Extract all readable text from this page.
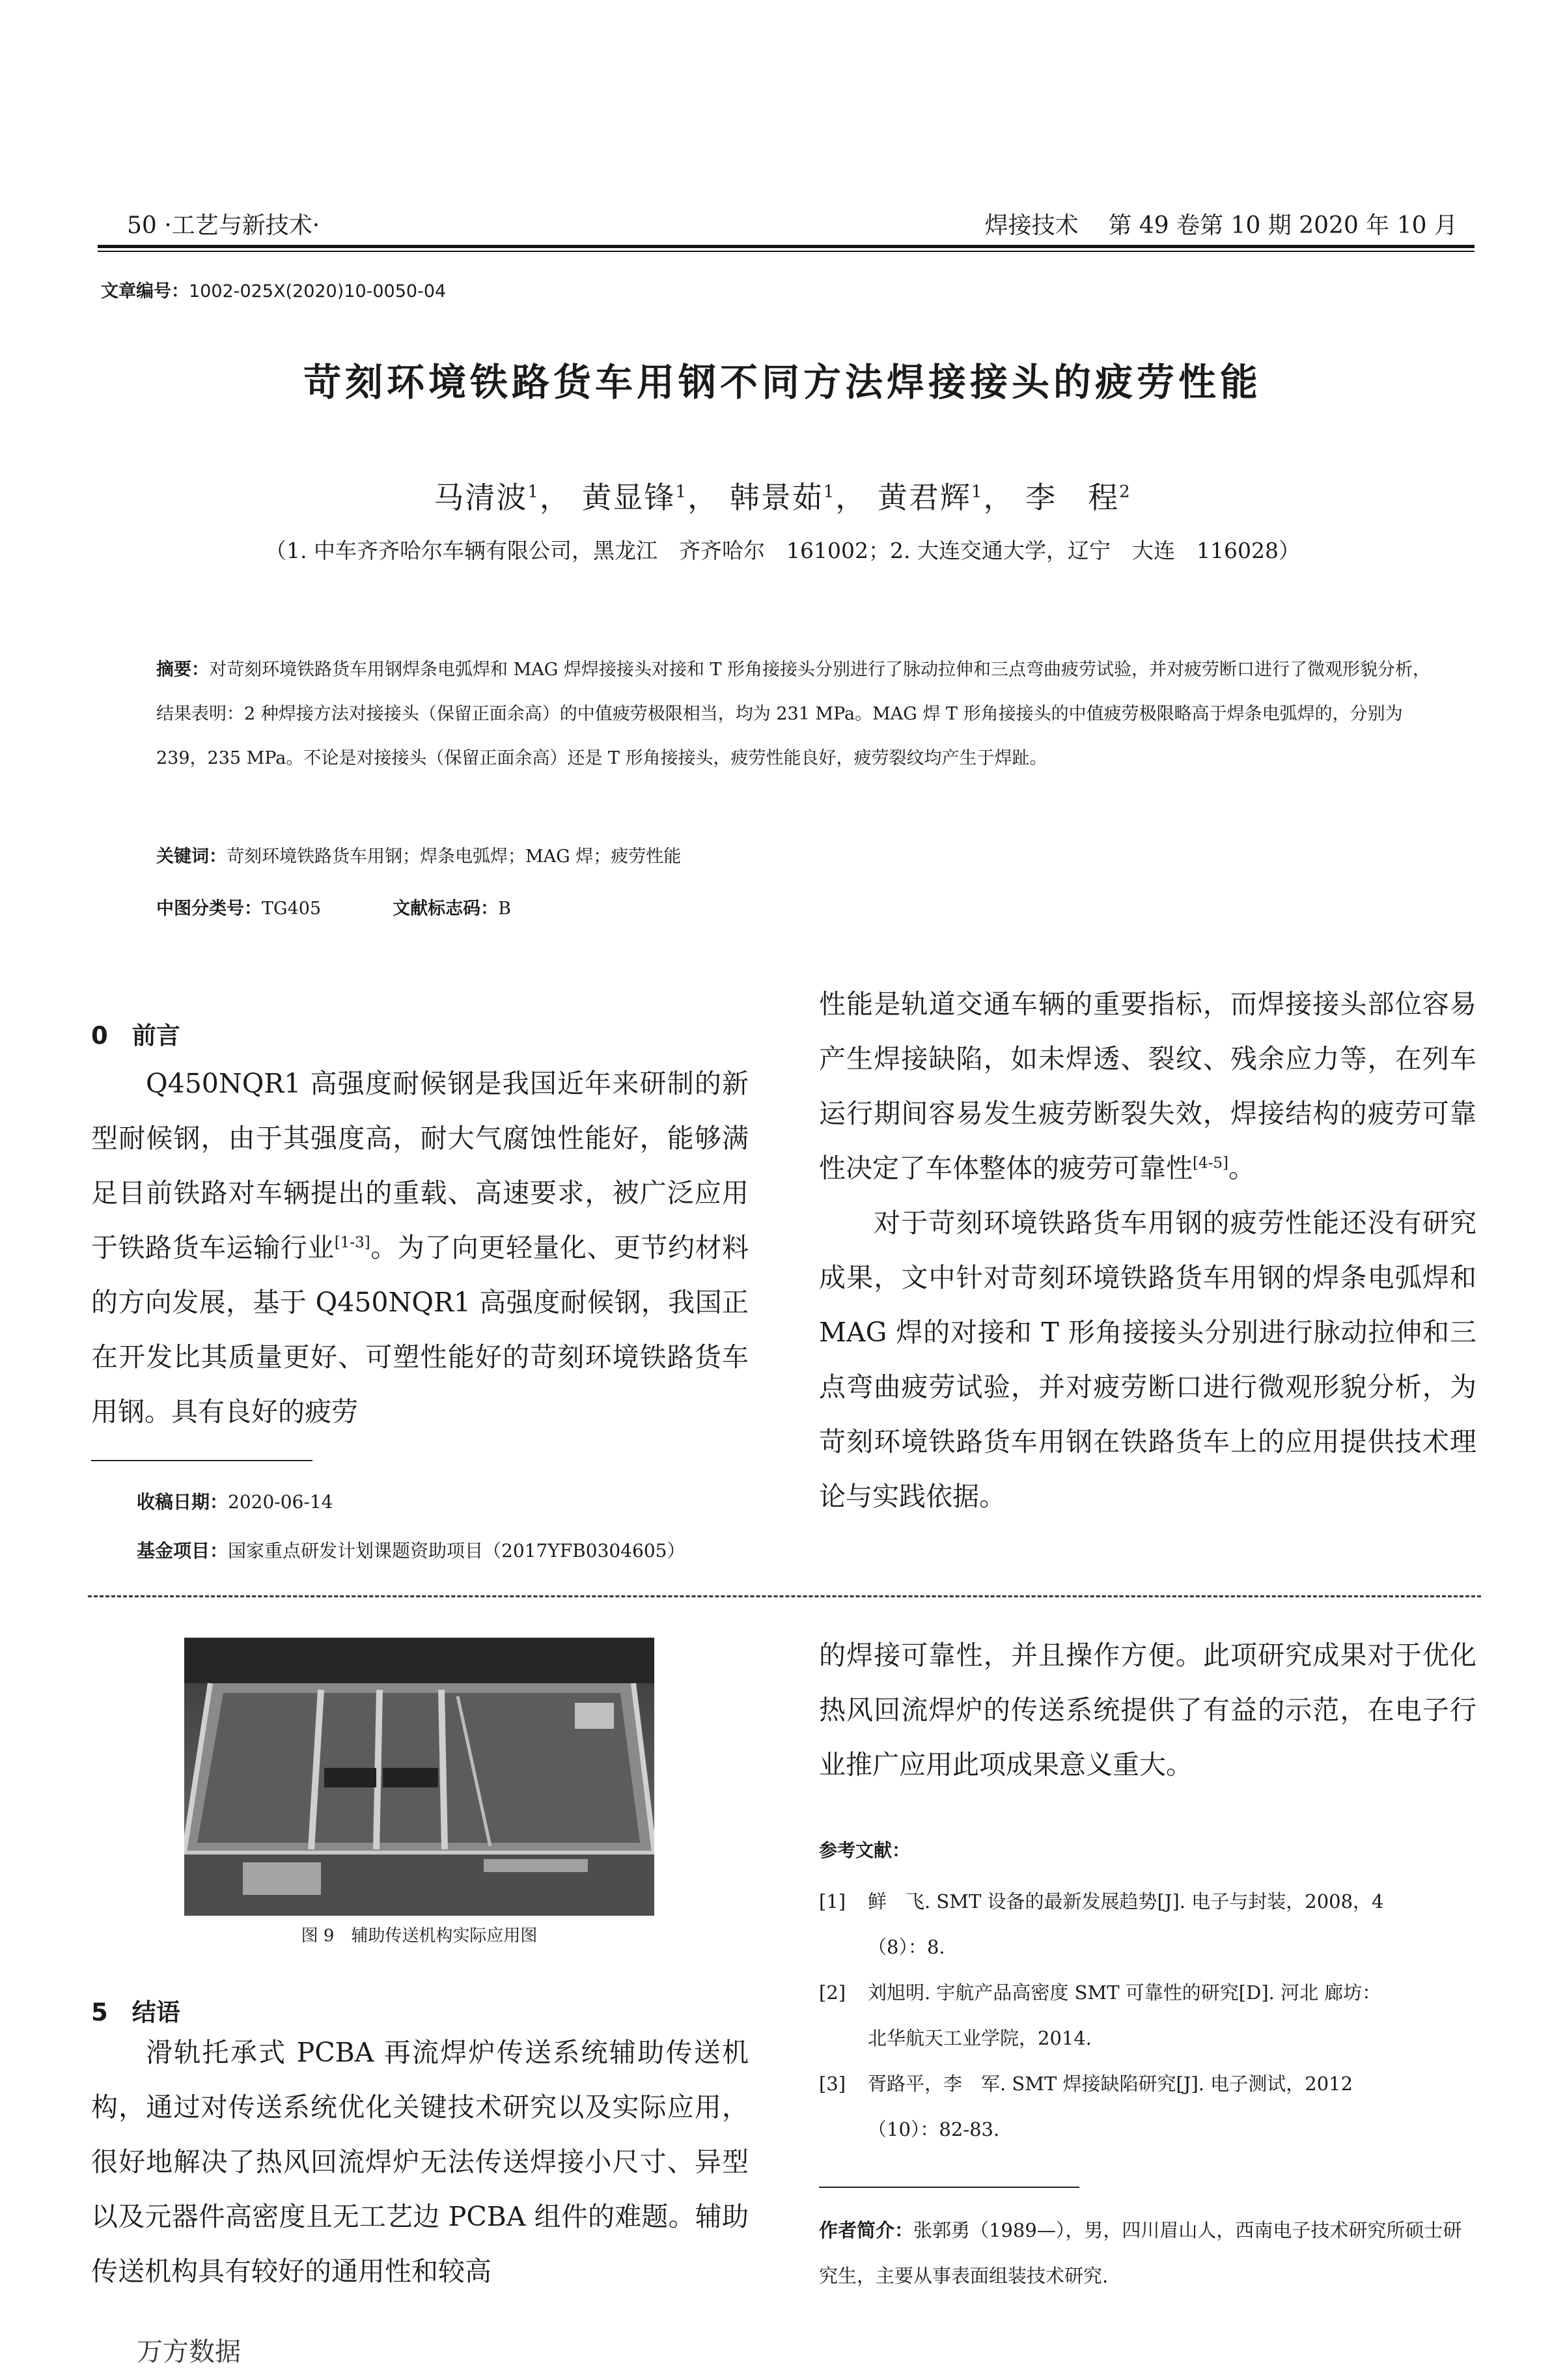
50 ·工艺与新技术·	焊接技术    第 49 卷第 10 期 2020 年 10 月
文章编号：1002-025X(2020)10-0050-04
苛刻环境铁路货车用钢不同方法焊接接头的疲劳性能
马清波$^1$， 黄显锋$^1$， 韩景茹$^1$， 黄君辉$^1$， 李　程$^2$
（1. 中车齐齐哈尔车辆有限公司，黑龙江　齐齐哈尔　161002；2. 大连交通大学，辽宁　大连　116028）
摘要：对苛刻环境铁路货车用钢焊条电弧焊和 MAG 焊焊接接头对接和 T 形角接接头分别进行了脉动拉伸和三点弯曲疲劳试验，并对疲劳断口进行了微观形貌分析，结果表明：2 种焊接方法对接接头（保留正面余高）的中值疲劳极限相当，均为 231 MPa。MAG 焊 T 形角接接头的中值疲劳极限略高于焊条电弧焊的，分别为 239，235 MPa。不论是对接接头（保留正面余高）还是 T 形角接接头，疲劳性能良好，疲劳裂纹均产生于焊趾。
关键词：苛刻环境铁路货车用钢；焊条电弧焊；MAG 焊；疲劳性能
中图分类号：TG405	文献标志码：B
0　前言

Q450NQR1 高强度耐候钢是我国近年来研制的新型耐候钢，由于其强度高，耐大气腐蚀性能好，能够满足目前铁路对车辆提出的重载、高速要求，被广泛应用于铁路货车运输行业[1-3]。为了向更轻量化、更节约材料的方向发展，基于 Q450NQR1 高强度耐候钢，我国正在开发比其质量更好、可塑性能好的苛刻环境铁路货车用钢。具有良好的疲劳

性能是轨道交通车辆的重要指标，而焊接接头部位容易产生焊接缺陷，如未焊透、裂纹、残余应力等，在列车运行期间容易发生疲劳断裂失效，焊接结构的疲劳可靠性决定了车体整体的疲劳可靠性[4-5]。

对于苛刻环境铁路货车用钢的疲劳性能还没有研究成果，文中针对苛刻环境铁路货车用钢的焊条电弧焊和 MAG 焊的对接和 T 形角接接头分别进行脉动拉伸和三点弯曲疲劳试验，并对疲劳断口进行微观形貌分析，为苛刻环境铁路货车用钢在铁路货车上的应用提供技术理论与实践依据。

收稿日期：2020-06-14
基金项目：国家重点研发计划课题资助项目（2017YFB0304605）
图 9　辅助传送机构实际应用图
5　结语

滑轨托承式 PCBA 再流焊炉传送系统辅助传送机构，通过对传送系统优化关键技术研究以及实际应用，很好地解决了热风回流焊炉无法传送焊接小尺寸、异型以及元器件高密度且无工艺边 PCBA 组件的难题。辅助传送机构具有较好的通用性和较高

的焊接可靠性，并且操作方便。此项研究成果对于优化热风回流焊炉的传送系统提供了有益的示范，在电子行业推广应用此项成果意义重大。

参考文献：
[1] 鲜　飞. SMT 设备的最新发展趋势[J]. 电子与封装，2008，4
（8）：8.
[2] 刘旭明. 宇航产品高密度 SMT 可靠性的研究[D]. 河北 廊坊：
北华航天工业学院，2014.
[3] 胥路平，李　军. SMT 焊接缺陷研究[J]. 电子测试，2012
（10）：82-83.
作者简介：张郭勇（1989—），男，四川眉山人，西南电子技术研究所硕士研究生，主要从事表面组装技术研究.
万方数据
